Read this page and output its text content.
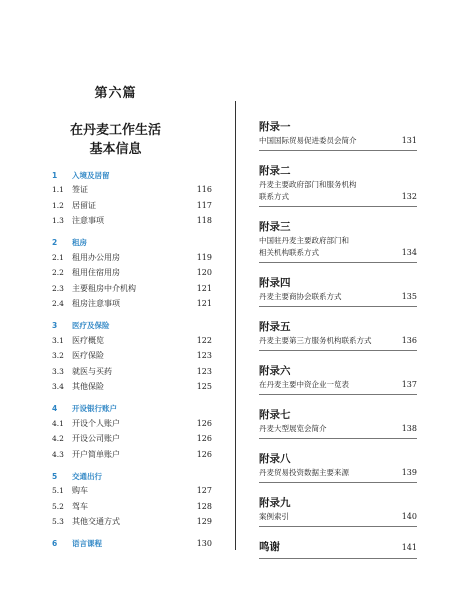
第六篇
在丹麦工作生活
基本信息
1	入境及居留
1.1	签证	116
1.2	居留证	117
1.3	注意事项	118
2	租房
2.1	租用办公用房	119
2.2	租用住宿用房	120
2.3	主要租房中介机构	121
2.4	租房注意事项	121
3	医疗及保险
3.1	医疗概览	122
3.2	医疗保险	123
3.3	就医与买药	123
3.4	其他保险	125
4	开设银行账户
4.1	开设个人账户	126
4.2	开设公司账户	126
4.3	开户简单账户	126
5	交通出行
5.1	购车	127
5.2	驾车	128
5.3	其他交通方式	129
6	语言课程	130
附录一
中国国际贸易促进委员会简介	131
附录二
丹麦主要政府部门和服务机构
联系方式	132
附录三
中国驻丹麦主要政府部门和
相关机构联系方式	134
附录四
丹麦主要商协会联系方式	135
附录五
丹麦主要第三方服务机构联系方式	136
附录六
在丹麦主要中资企业一览表	137
附录七
丹麦大型展览会简介	138
附录八
丹麦贸易投资数据主要来源	139
附录九
案例索引	140
鸣谢	141
